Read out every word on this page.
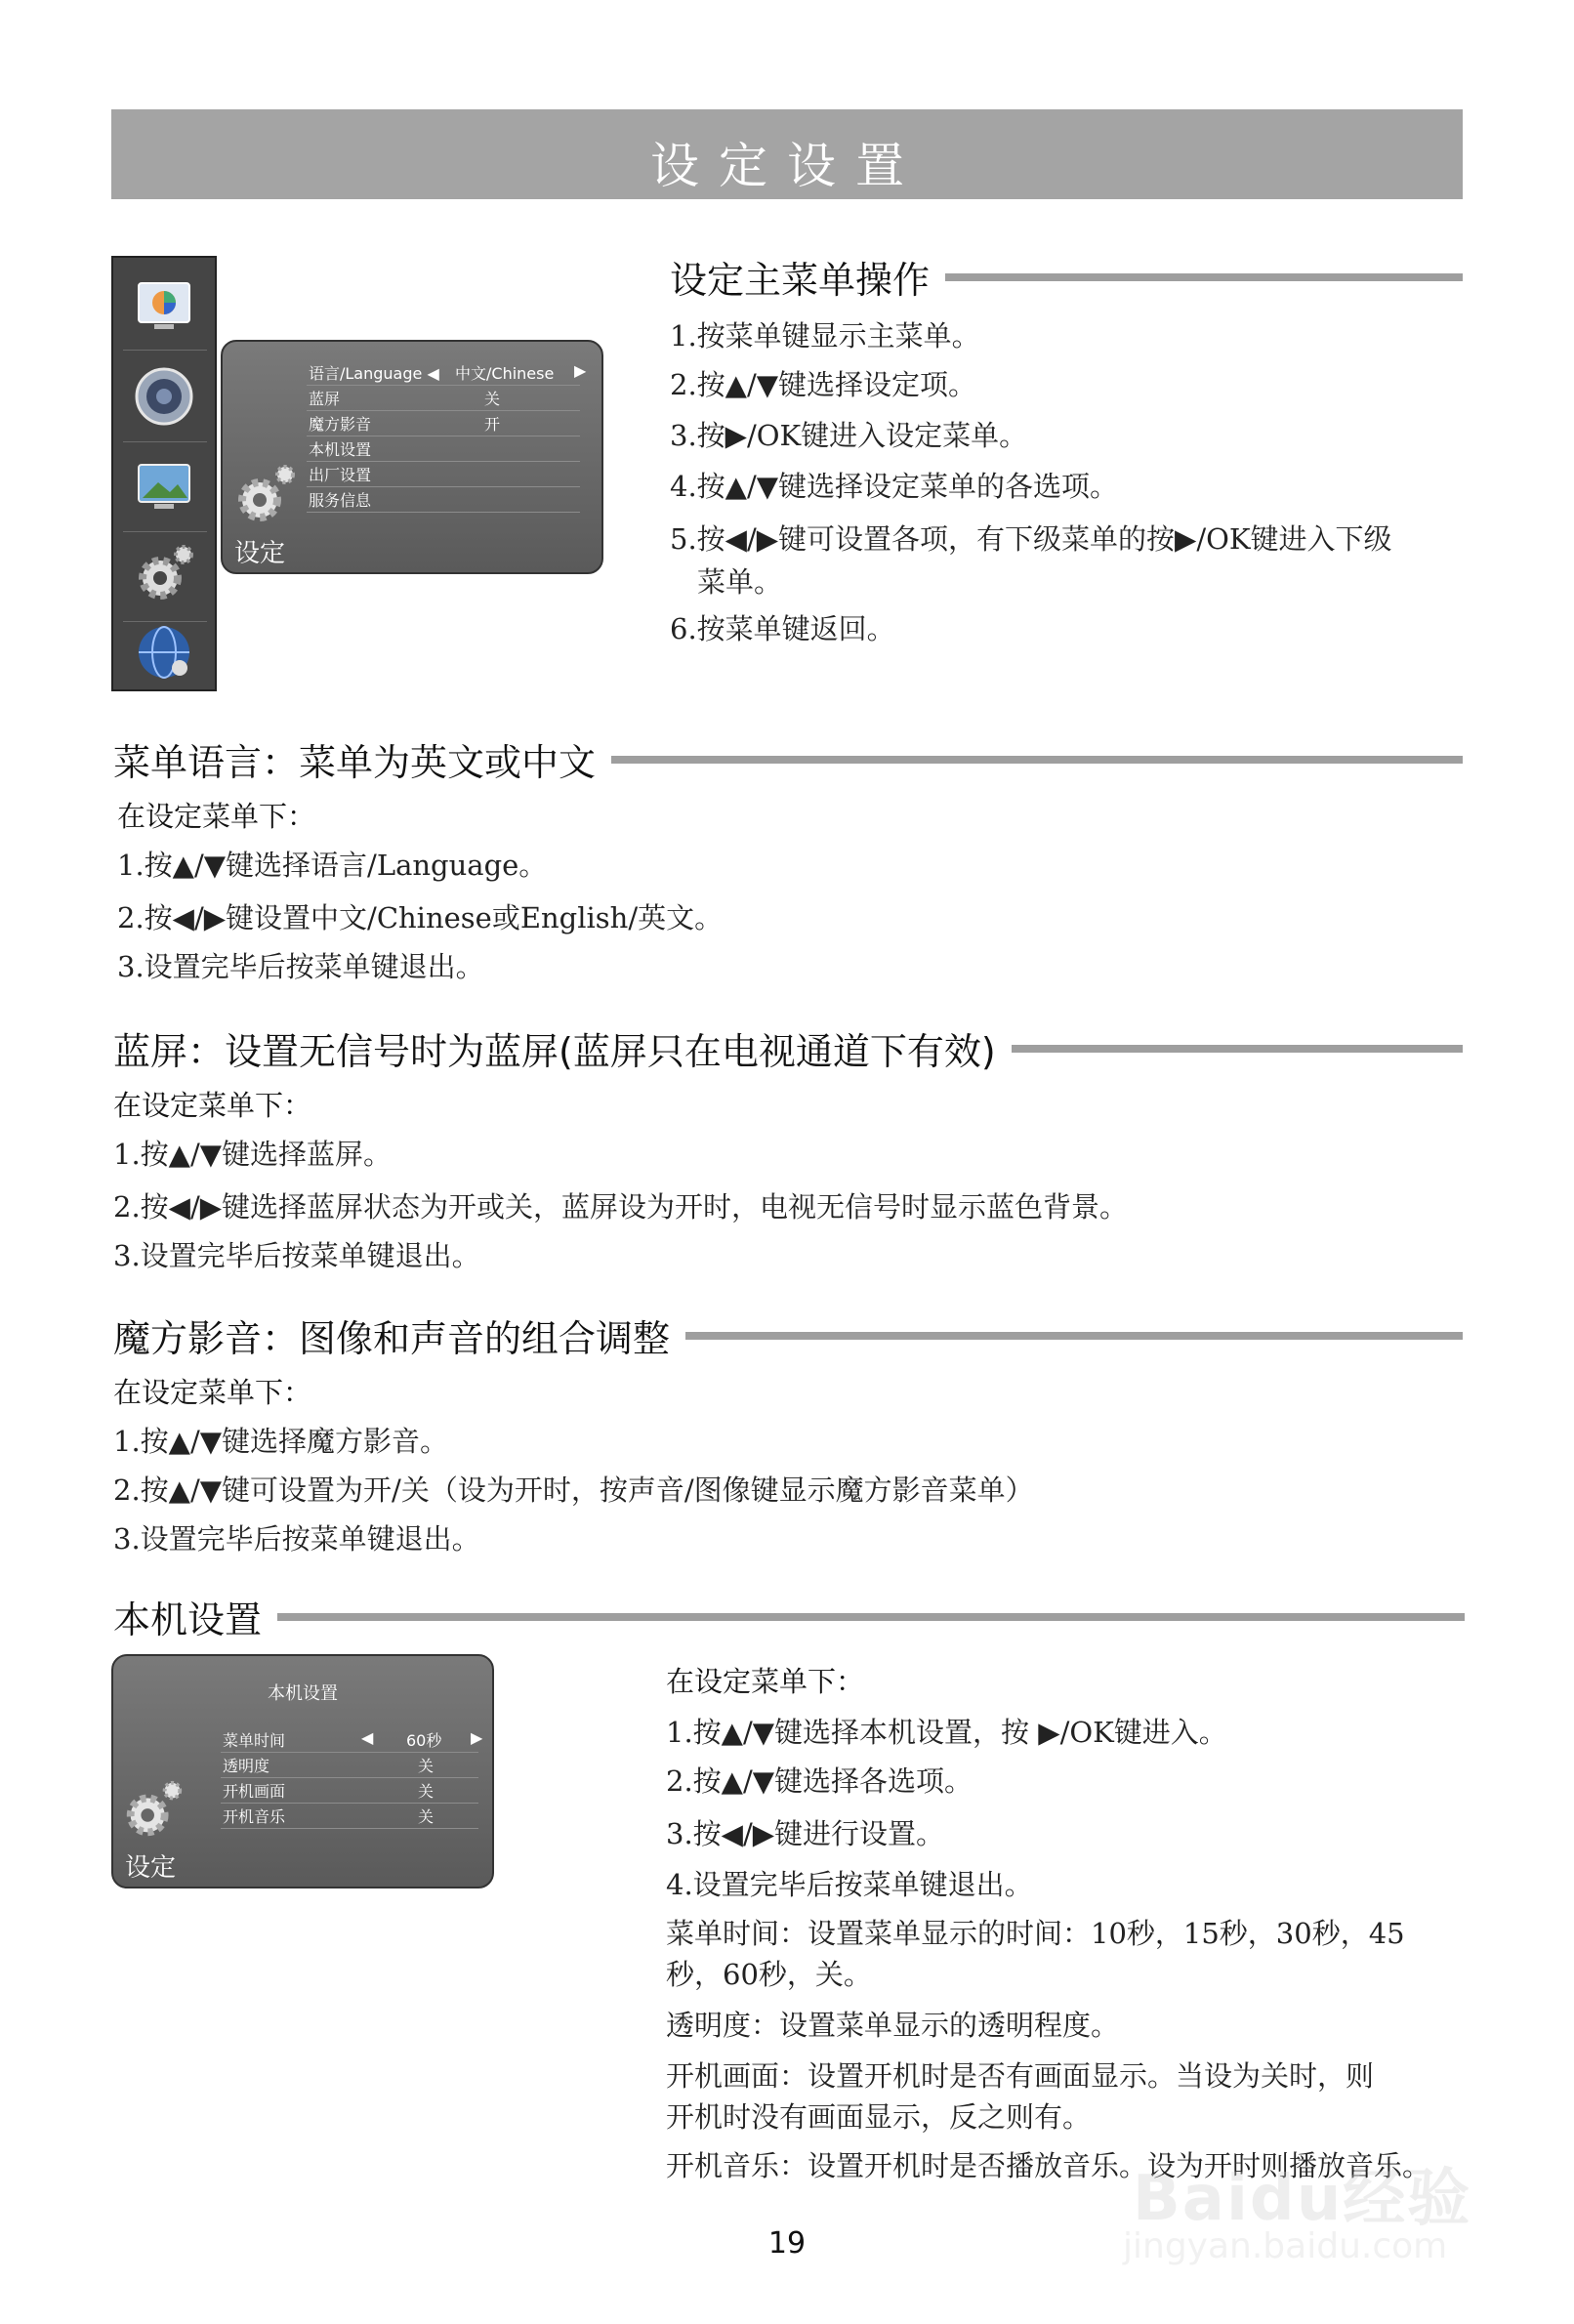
设定设置
语言/Language ◀ 中文/Chinese ▶
蓝屏	关
魔方影音	开
本机设置
出厂设置
服务信息
设定
设定主菜单操作
1.按菜单键显示主菜单。
2.按▲/▼键选择设定项。
3.按▶/OK键进入设定菜单。
4.按▲/▼键选择设定菜单的各选项。
5.按◀/▶键可设置各项，有下级菜单的按▶/OK键进入下级
菜单。
6.按菜单键返回。
菜单语言：菜单为英文或中文
在设定菜单下：
1.按▲/▼键选择语言/Language。
2.按◀/▶键设置中文/Chinese或English/英文。
3.设置完毕后按菜单键退出。
蓝屏：设置无信号时为蓝屏(蓝屏只在电视通道下有效)
在设定菜单下：
1.按▲/▼键选择蓝屏。
2.按◀/▶键选择蓝屏状态为开或关，蓝屏设为开时，电视无信号时显示蓝色背景。
3.设置完毕后按菜单键退出。
魔方影音：图像和声音的组合调整
在设定菜单下：
1.按▲/▼键选择魔方影音。
2.按▲/▼键可设置为开/关（设为开时，按声音/图像键显示魔方影音菜单）
3.设置完毕后按菜单键退出。
本机设置
本机设置
菜单时间	◀ 60秒 ▶
透明度	关
开机画面	关
开机音乐	关
设定
在设定菜单下：
1.按▲/▼键选择本机设置，按 ▶/OK键进入。
2.按▲/▼键选择各选项。
3.按◀/▶键进行设置。
4.设置完毕后按菜单键退出。
菜单时间：设置菜单显示的时间：10秒，15秒，30秒，45
秒，60秒，关。
透明度：设置菜单显示的透明程度。
开机画面：设置开机时是否有画面显示。当设为关时，则
开机时没有画面显示，反之则有。
开机音乐：设置开机时是否播放音乐。设为开时则播放音乐。
19
Baidu经验
jingyan.baidu.com
